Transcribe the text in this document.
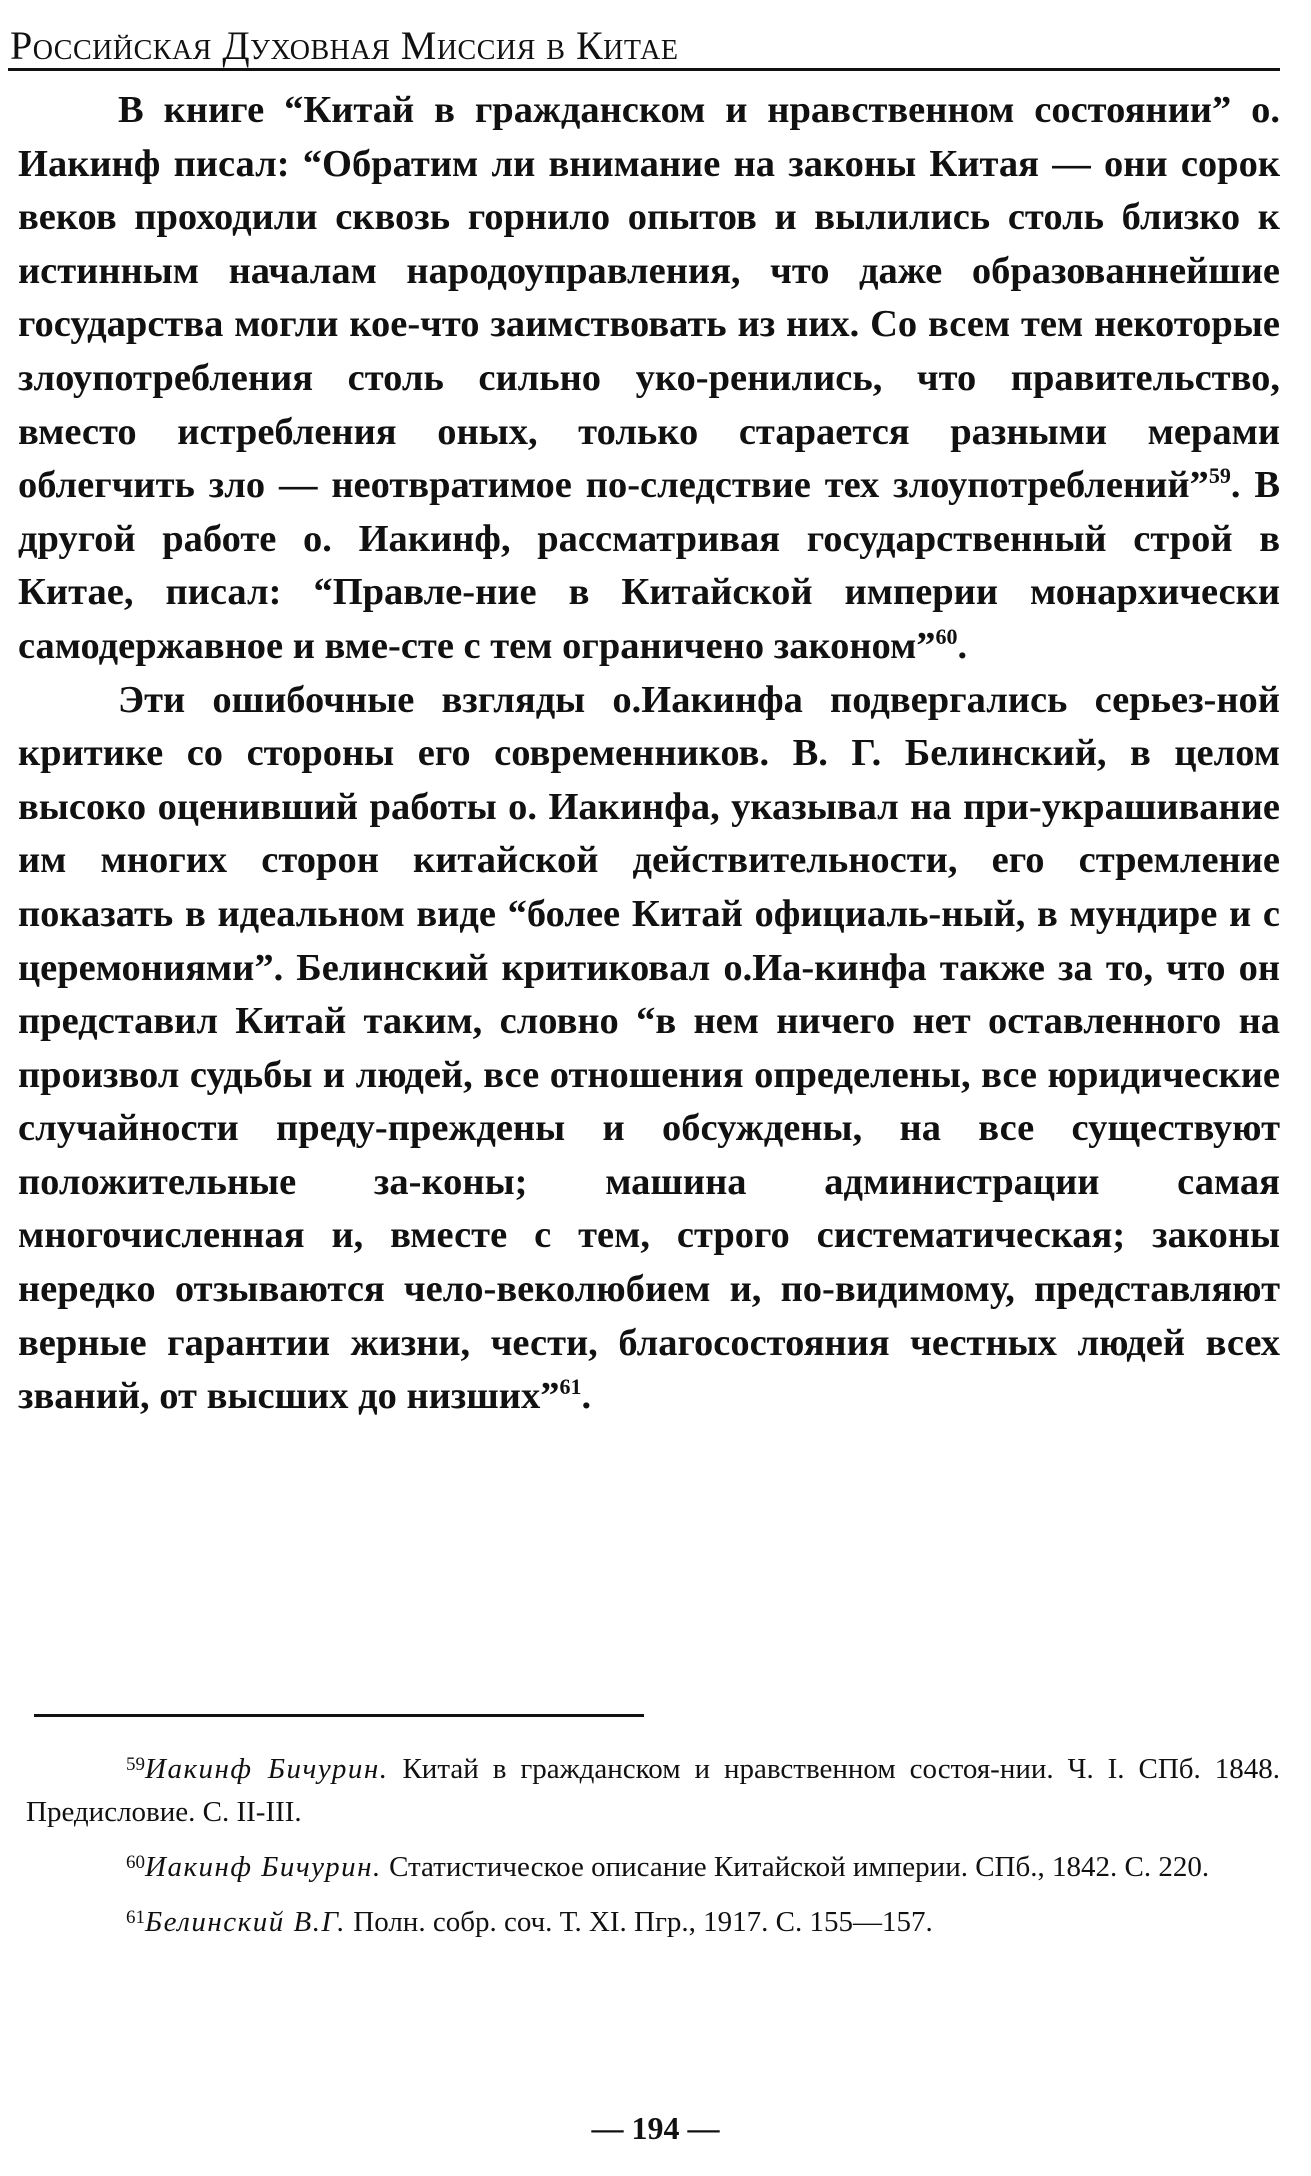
Российская Духовная Миссия в Китае

В книге “Китай в гражданском и нравственном состоянии” о. Иакинф писал: “Обратим ли внимание на законы Китая — они сорок веков проходили сквозь горнило опытов и вылились столь близко к истинным началам народоуправления, что даже образованнейшие государства могли кое-что заимствовать из них. Со всем тем некоторые злоупотребления столь сильно уко-ренились, что правительство, вместо истребления оных, только старается разными мерами облегчить зло — неотвратимое по-следствие тех злоупотреблений”$^{59}$. В другой работе о. Иакинф, рассматривая государственный строй в Китае, писал: “Правле-ние в Китайской империи монархически самодержавное и вме-сте с тем ограничено законом”$^{60}$.

Эти ошибочные взгляды о.Иакинфа подвергались серьез-ной критике со стороны его современников. В. Г. Белинский, в целом высоко оценивший работы о. Иакинфа, указывал на при-украшивание им многих сторон китайской действительности, его стремление показать в идеальном виде “более Китай официаль-ный, в мундире и с церемониями”. Белинский критиковал о.Иа-кинфа также за то, что он представил Китай таким, словно “в нем ничего нет оставленного на произвол судьбы и людей, все отношения определены, все юридические случайности преду-преждены и обсуждены, на все существуют положительные за-коны; машина администрации самая многочисленная и, вместе с тем, строго систематическая; законы нередко отзываются чело-веколюбием и, по-видимому, представляют верные гарантии жизни, чести, благосостояния честных людей всех званий, от высших до низших”$^{61}$.

$^{59}$Иакинф Бичурин. Китай в гражданском и нравственном состоя-нии. Ч. I. СПб. 1848. Предисловие. С. II-III.

$^{60}$Иакинф Бичурин. Статистическое описание Китайской империи. СПб., 1842. С. 220.

$^{61}$Белинский В.Г. Полн. собр. соч. Т. XI. Пгр., 1917. С. 155—157.

— 194 —
